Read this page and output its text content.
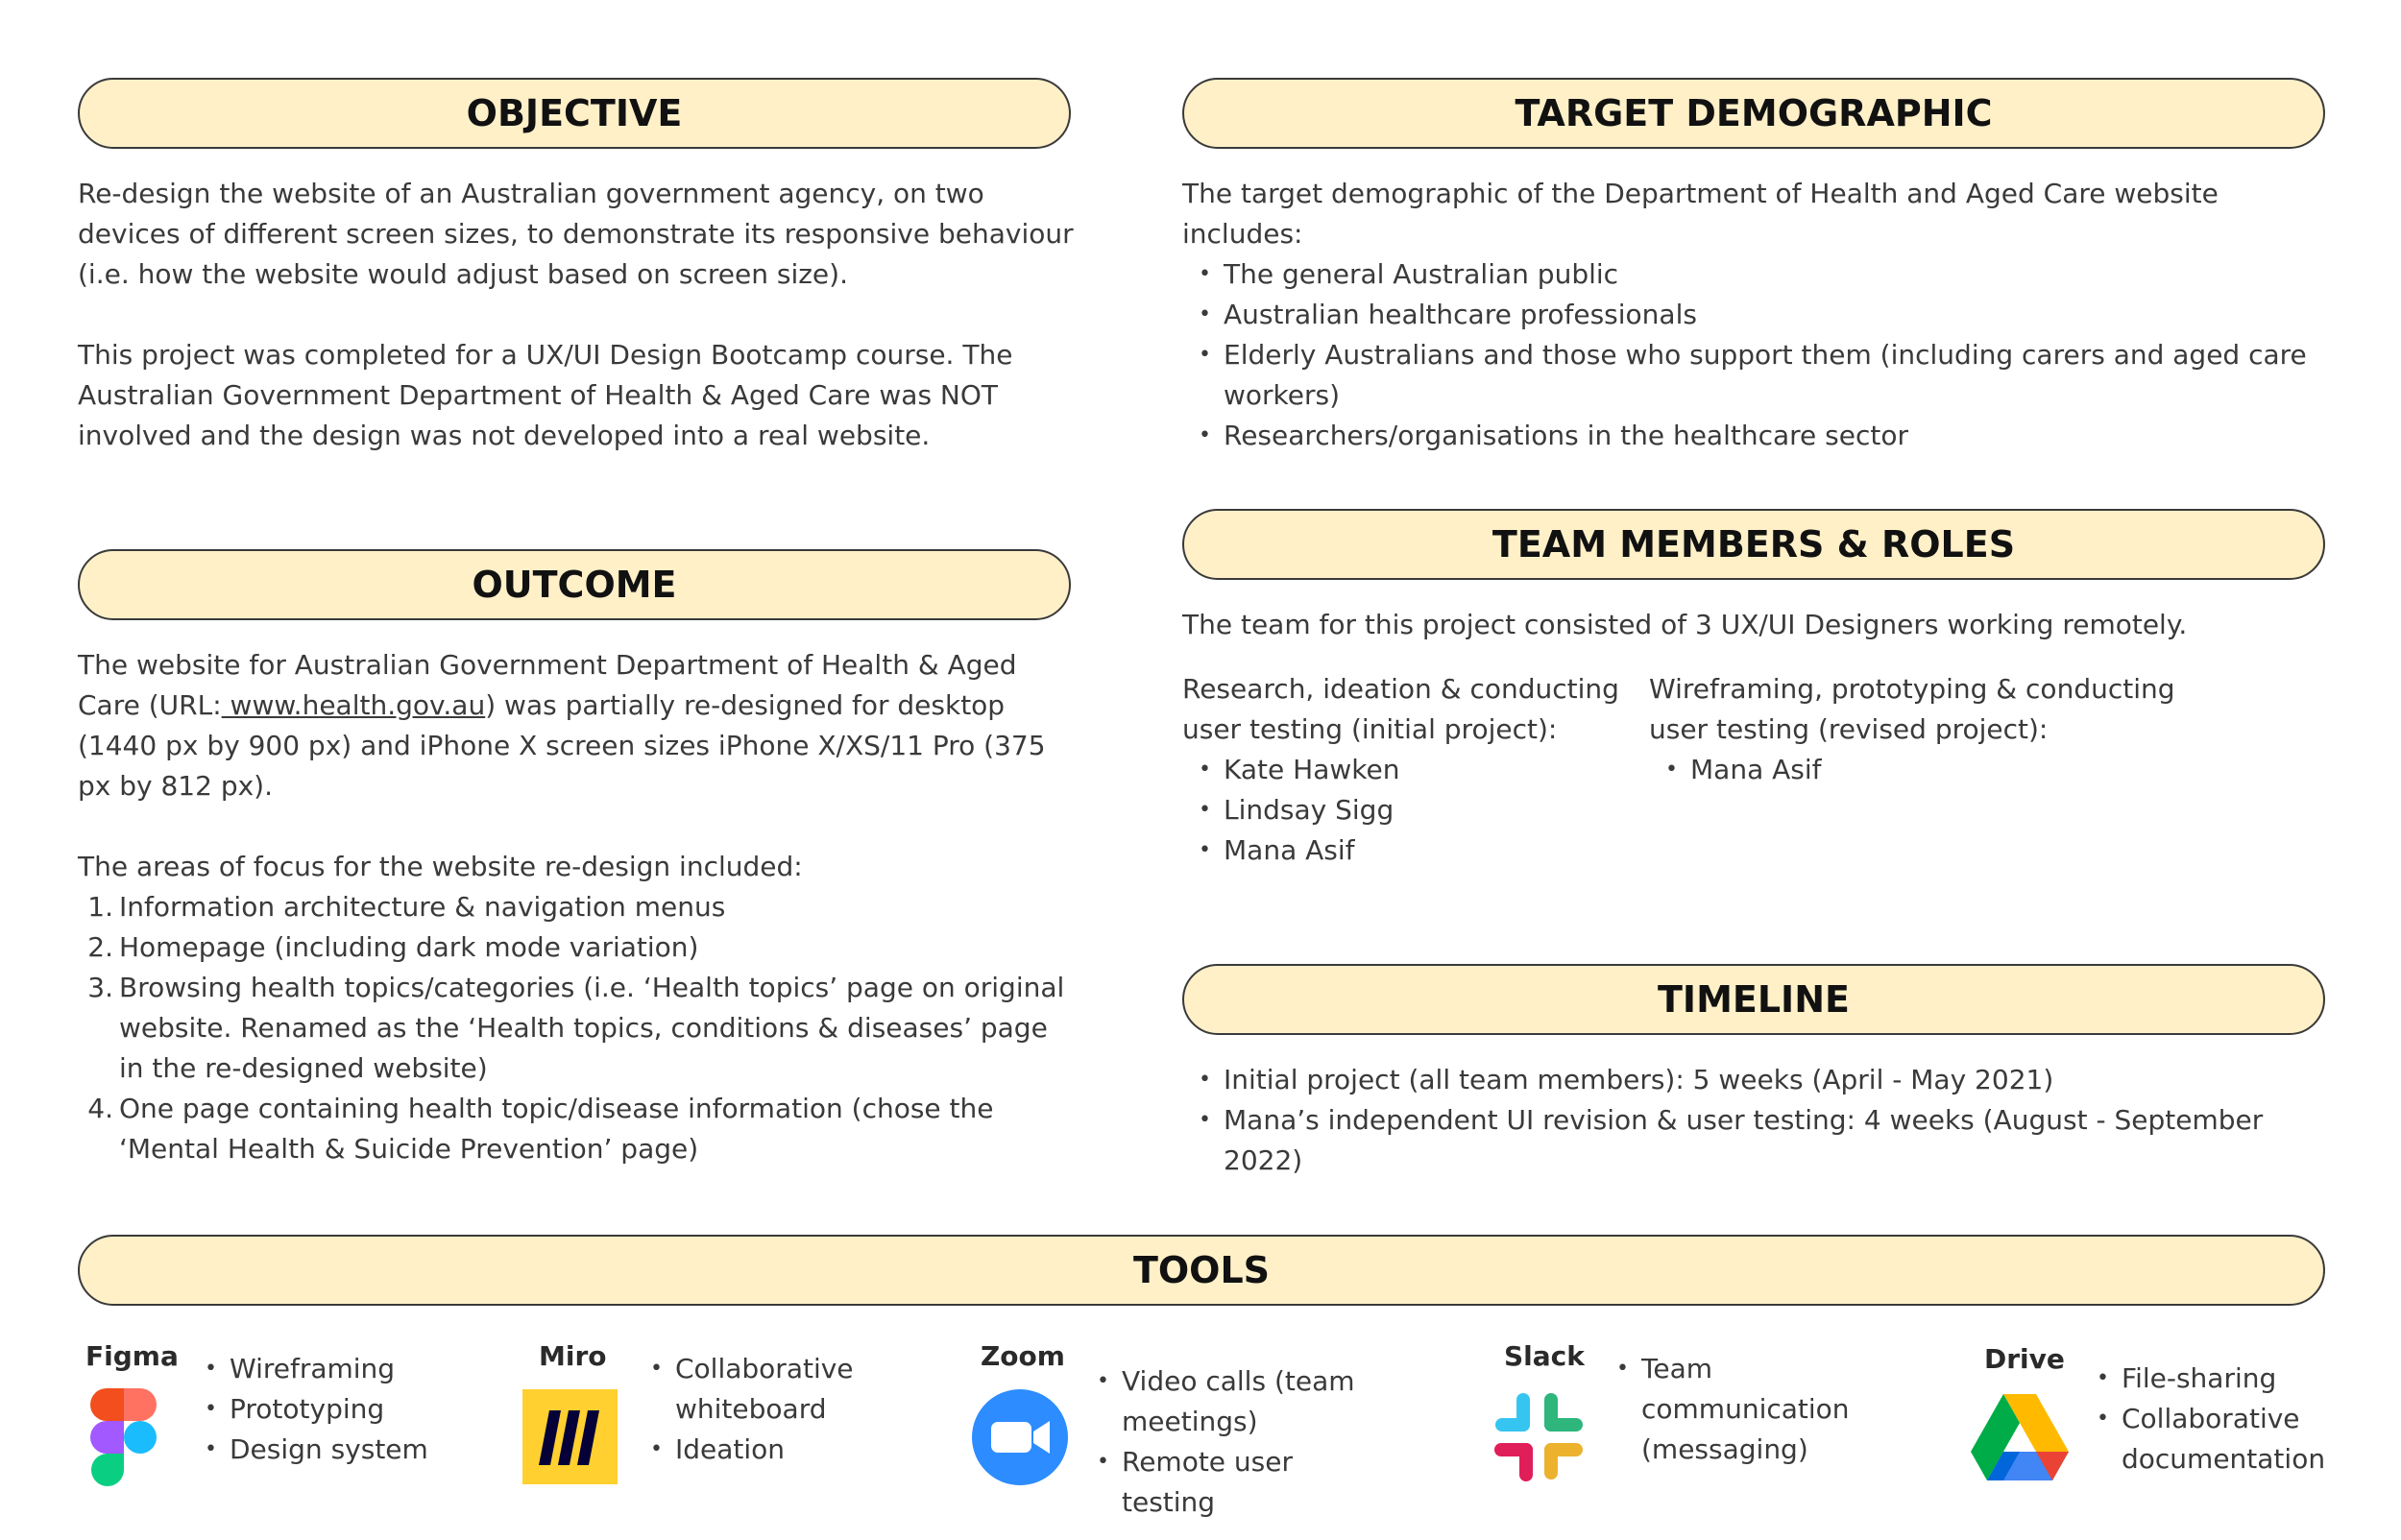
OBJECTIVE

Re-design the website of an Australian government agency, on two devices of different screen sizes, to demonstrate its responsive behaviour (i.e. how the website would adjust based on screen size).

This project was completed for a UX/UI Design Bootcamp course. The Australian Government Department of Health & Aged Care was NOT involved and the design was not developed into a real website.

OUTCOME

The website for Australian Government Department of Health & Aged Care (URL: www.health.gov.au) was partially re-designed for desktop (1440 px by 900 px) and iPhone X screen sizes iPhone X/XS/11 Pro (375 px by 812 px).

The areas of focus for the website re-design included:

1. Information architecture & navigation menus
2. Homepage (including dark mode variation)
3. Browsing health topics/categories (i.e. ‘Health topics’ page on original website. Renamed as the ‘Health topics, conditions & diseases’ page in the re-designed website)
4. One page containing health topic/disease information (chose the ‘Mental Health & Suicide Prevention’ page)
TARGET DEMOGRAPHIC

The target demographic of the Department of Health and Aged Care website includes:

• The general Australian public
• Australian healthcare professionals
• Elderly Australians and those who support them (including carers and aged care workers)
• Researchers/organisations in the healthcare sector
TEAM MEMBERS & ROLES
The team for this project consisted of 3 UX/UI Designers working remotely.

Research, ideation & conducting user testing (initial project):

• Kate Hawken
• Lindsay Sigg
• Mana Asif

Wireframing, prototyping & conducting user testing (revised project):

• Mana Asif
TIMELINE
• Initial project (all team members): 5 weeks (April - May 2021)
• Mana’s independent UI revision & user testing: 4 weeks (August - September 2022)
TOOLS
Figma	• Wireframing
• Prototyping
• Design system
Miro	• Collaborative whiteboard
• Ideation
Zoom
• Video calls (team meetings)
• Remote user testing
Slack	• Team communication (messaging)
Drive
• File-sharing
• Collaborative documentation
